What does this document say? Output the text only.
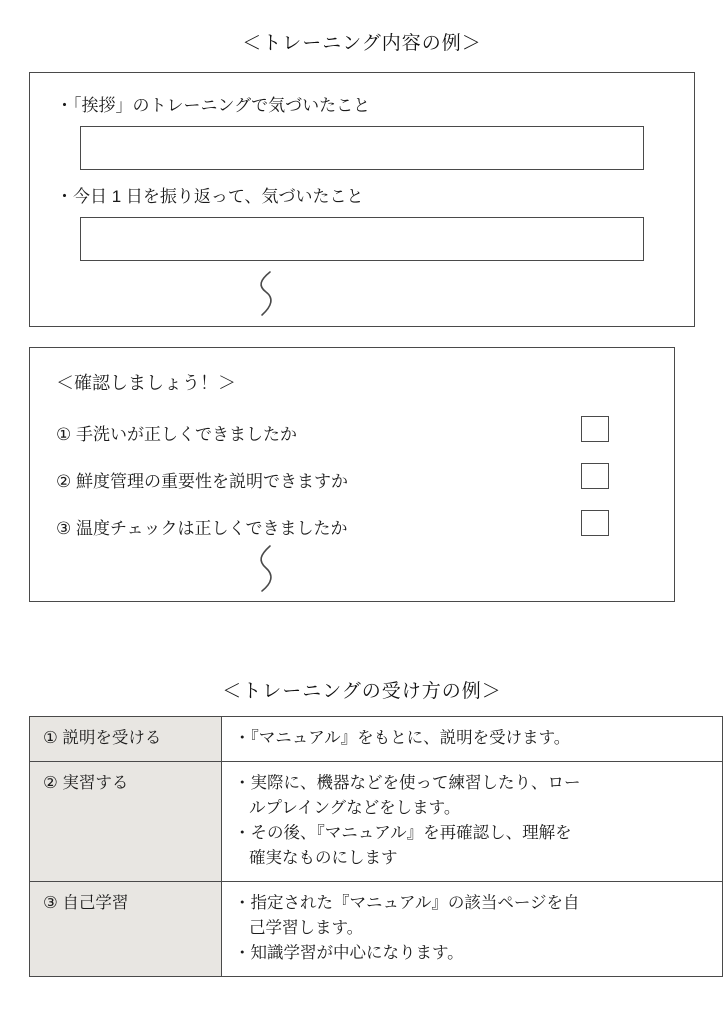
＜トレーニング内容の例＞
・「挨拶」のトレーニングで気づいたこと
・今日 1 日を振り返って、気づいたこと
＜確認しましょう！＞
① 手洗いが正しくできましたか
② 鮮度管理の重要性を説明できますか
③ 温度チェックは正しくできましたか
＜トレーニングの受け方の例＞
① 説明を受ける	・『マニュアル』をもとに、説明を受けます。

② 実習する	・実際に、機器などを使って練習したり、ロー
ルプレイングなどをします。
・その後、『マニュアル』を再確認し、理解を
確実なものにします

③ 自己学習	・指定された『マニュアル』の該当ページを自
己学習します。
・知識学習が中心になります。
